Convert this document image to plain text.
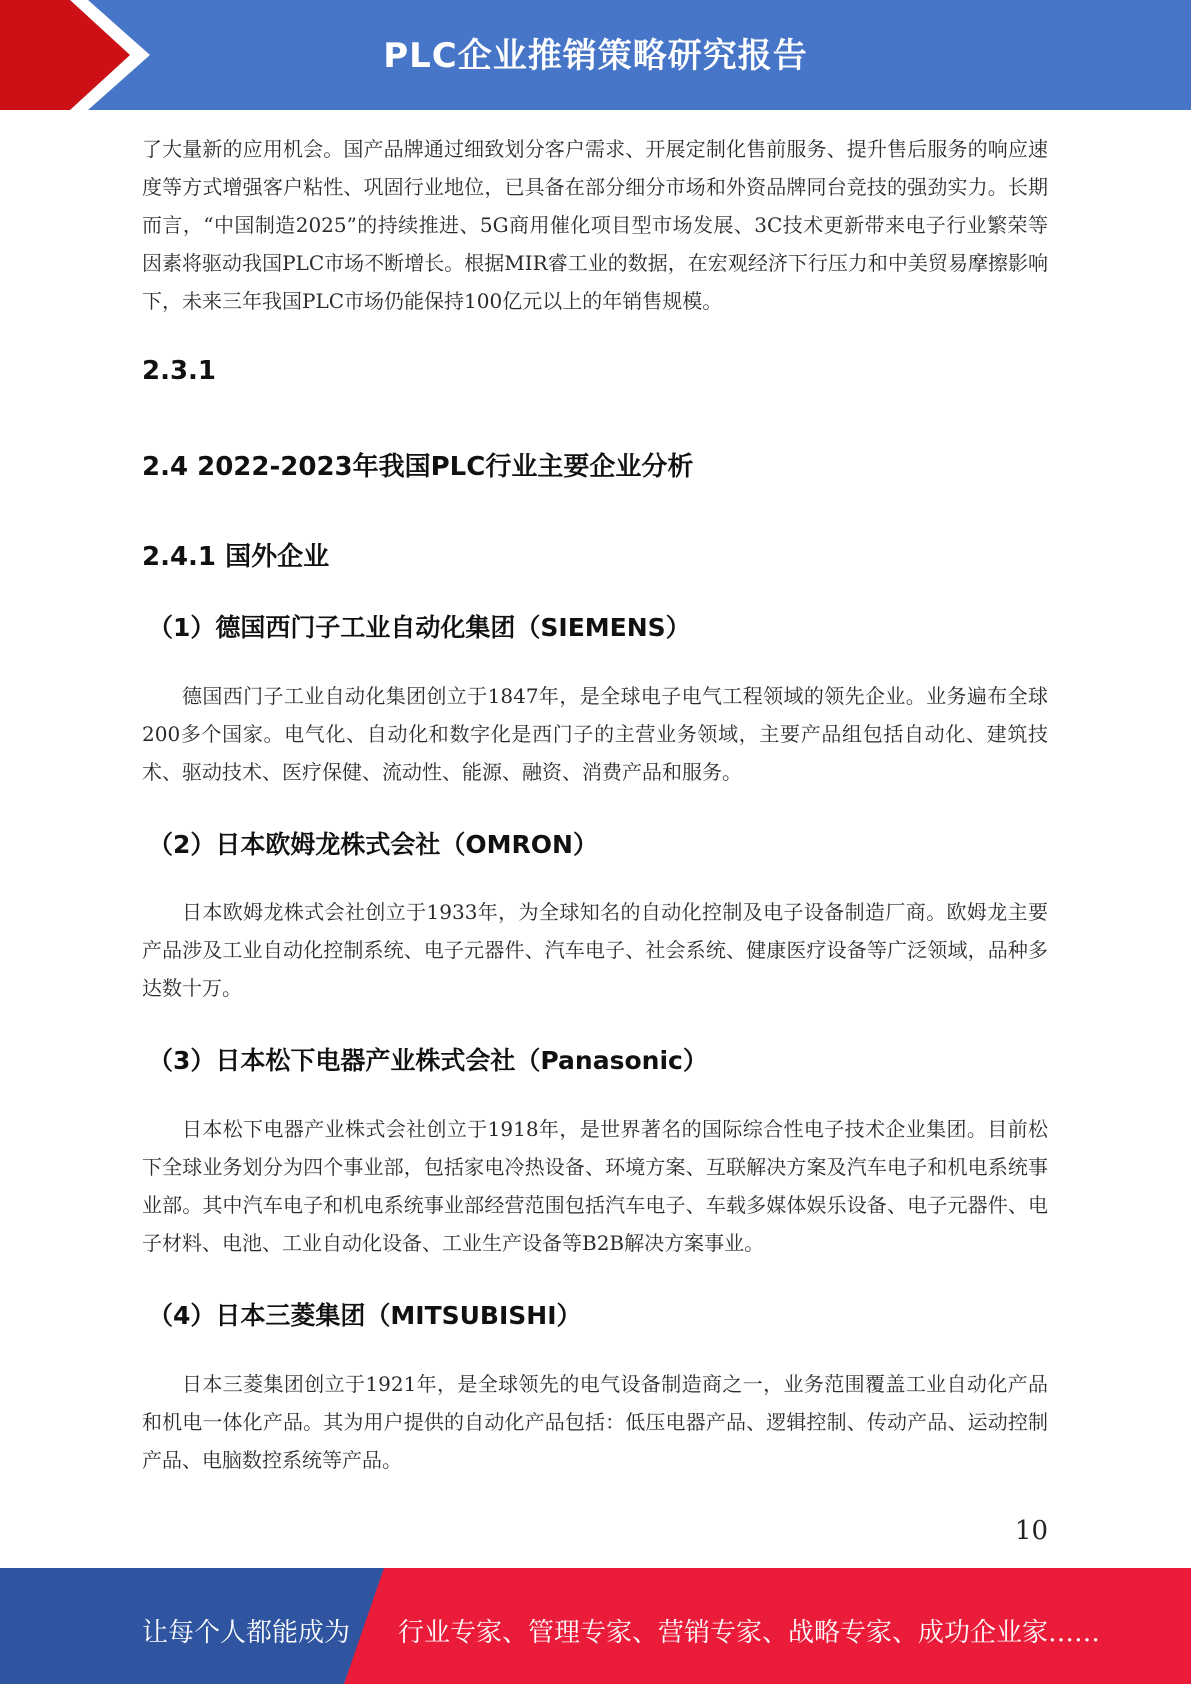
PLC企业推销策略研究报告

了大量新的应用机会。国产品牌通过细致划分客户需求、开展定制化售前服务、提升售后服务的响应速度等方式增强客户粘性、巩固行业地位，已具备在部分细分市场和外资品牌同台竞技的强劲实力。长期而言，“中国制造2025”的持续推进、5G商用催化项目型市场发展、3C技术更新带来电子行业繁荣等因素将驱动我国PLC市场不断增长。根据MIR睿工业的数据，在宏观经济下行压力和中美贸易摩擦影响下，未来三年我国PLC市场仍能保持100亿元以上的年销售规模。

2.3.1
2.4 2022-2023年我国PLC行业主要企业分析
2.4.1 国外企业
（1）德国西门子工业自动化集团（SIEMENS）

德国西门子工业自动化集团创立于1847年，是全球电子电气工程领域的领先企业。业务遍布全球200多个国家。电气化、自动化和数字化是西门子的主营业务领域，主要产品组包括自动化、建筑技术、驱动技术、医疗保健、流动性、能源、融资、消费产品和服务。

（2）日本欧姆龙株式会社（OMRON）

日本欧姆龙株式会社创立于1933年，为全球知名的自动化控制及电子设备制造厂商。欧姆龙主要产品涉及工业自动化控制系统、电子元器件、汽车电子、社会系统、健康医疗设备等广泛领域，品种多达数十万。

（3）日本松下电器产业株式会社（Panasonic）

日本松下电器产业株式会社创立于1918年，是世界著名的国际综合性电子技术企业集团。目前松下全球业务划分为四个事业部，包括家电冷热设备、环境方案、互联解决方案及汽车电子和机电系统事业部。其中汽车电子和机电系统事业部经营范围包括汽车电子、车载多媒体娱乐设备、电子元器件、电子材料、电池、工业自动化设备、工业生产设备等B2B解决方案事业。

（4）日本三菱集团（MITSUBISHI）

日本三菱集团创立于1921年，是全球领先的电气设备制造商之一，业务范围覆盖工业自动化产品和机电一体化产品。其为用户提供的自动化产品包括：低压电器产品、逻辑控制、传动产品、运动控制产品、电脑数控系统等产品。

10
让每个人都能成为 行业专家、管理专家、营销专家、战略专家、成功企业家……
